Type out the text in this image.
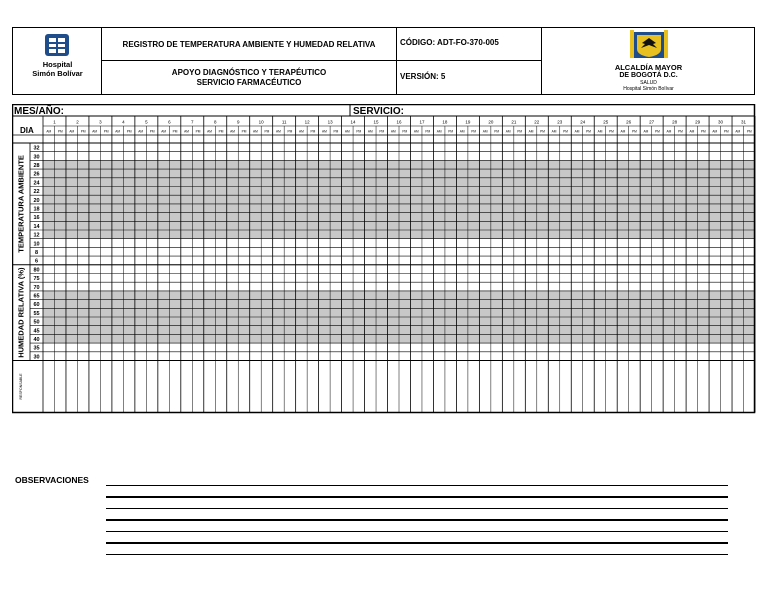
Hospital
Simón Bolívar
REGISTRO DE TEMPERATURA AMBIENTE Y HUMEDAD RELATIVA
APOYO DIAGNÓSTICO Y TERAPÉUTICO
SERVICIO FARMACÉUTICO
CÓDIGO: ADT-FO-370-005
VERSIÓN: 5
ALCALDÍA MAYOR
DE BOGOTÁ D.C.
SALUD
Hospital Simón Bolívar
MES/AÑO:	SERVICIO:
DIA
1
AM PM
2
AM PM
3
AM PM
4
AM PM
5
AM PM
6
AM PM
7
AM PM
8
AM PM
9
AM PM
10
AM PM
11
AM PM
12
AM PM
13
AM PM
14
AM PM
15
AM PM
16
AM PM
17
AM PM
18
AM PM
19
AM PM
20
AM PM
21
AM PM
22
AM PM
23
AM PM
24
AM PM
25
AM PM
26
AM PM
27
AM PM
28
AM PM
29
AM PM
30
AM PM
31
AM PM
32
30
28
26
24
22
20
18
16
14
12
10
8
6
80
75
70
65
60
55
50
45
40
35
30
TEMPERATURA AMBIENTE
HUMEDAD RELATIVA (%)
RESPONSABLE
OBSERVACIONES
